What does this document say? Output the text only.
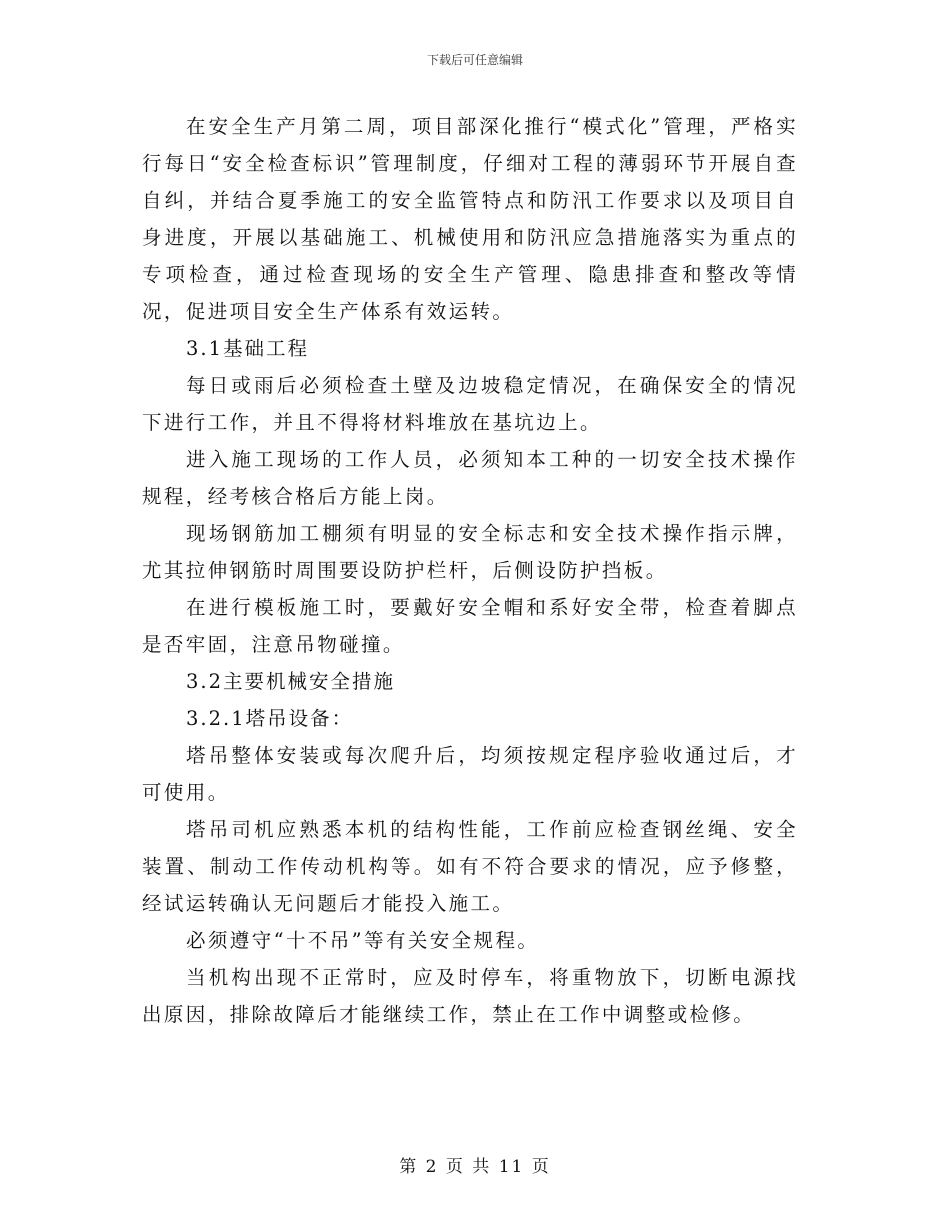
下载后可任意编辑

在安全生产月第二周，项目部深化推行“模式化”管理，严格实行每日“安全检查标识”管理制度，仔细对工程的薄弱环节开展自查自纠，并结合夏季施工的安全监管特点和防汛工作要求以及项目自身进度，开展以基础施工、机械使用和防汛应急措施落实为重点的专项检查，通过检查现场的安全生产管理、隐患排查和整改等情况，促进项目安全生产体系有效运转。

3.1基础工程

每日或雨后必须检查土壁及边坡稳定情况，在确保安全的情况下进行工作，并且不得将材料堆放在基坑边上。

进入施工现场的工作人员，必须知本工种的一切安全技术操作规程，经考核合格后方能上岗。

现场钢筋加工棚须有明显的安全标志和安全技术操作指示牌，尤其拉伸钢筋时周围要设防护栏杆，后侧设防护挡板。

在进行模板施工时，要戴好安全帽和系好安全带，检查着脚点是否牢固，注意吊物碰撞。

3.2主要机械安全措施

3.2.1塔吊设备：

塔吊整体安装或每次爬升后，均须按规定程序验收通过后，才可使用。

塔吊司机应熟悉本机的结构性能，工作前应检查钢丝绳、安全装置、制动工作传动机构等。如有不符合要求的情况，应予修整，经试运转确认无问题后才能投入施工。

必须遵守“十不吊”等有关安全规程。

当机构出现不正常时，应及时停车，将重物放下，切断电源找出原因，排除故障后才能继续工作，禁止在工作中调整或检修。

第 2 页 共 11 页
